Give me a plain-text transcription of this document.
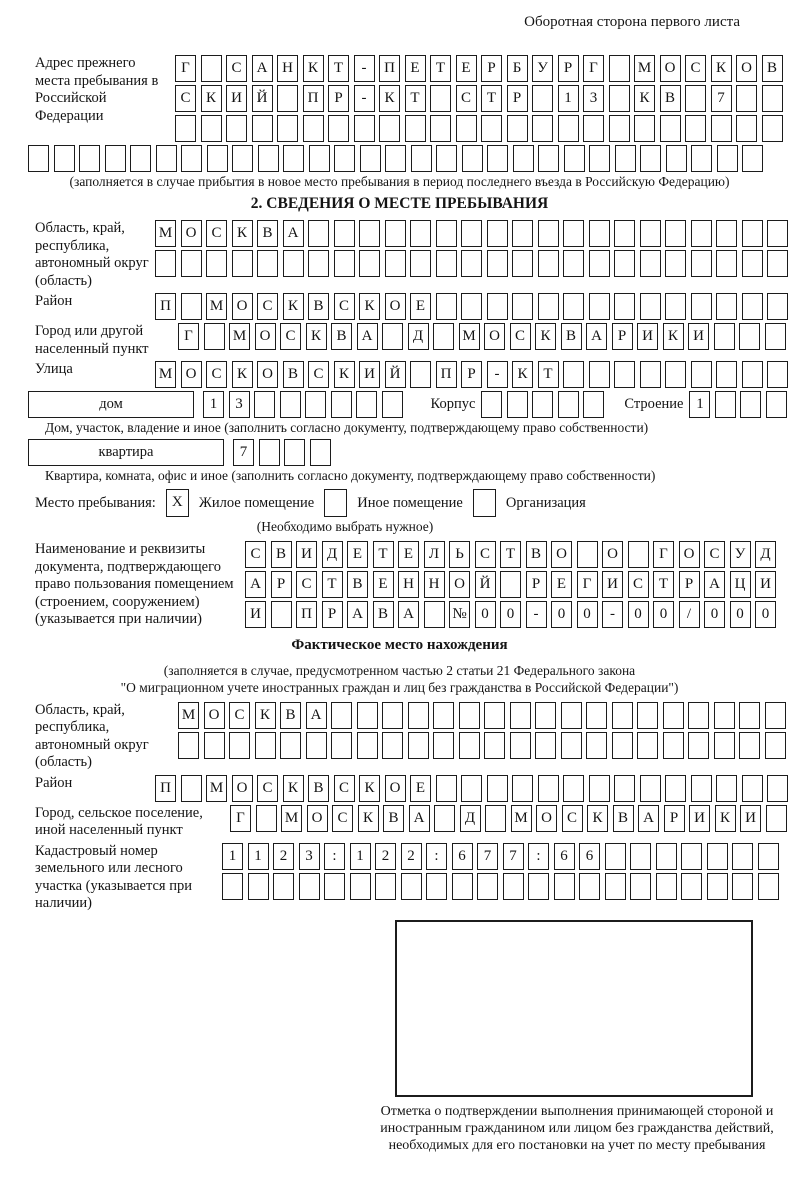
Оборотная сторона первого листа
Адрес прежнего места пребывания в Российской Федерации
Г	С	А Н	К	Т	-	П	Е	Т	Е	Р	Б	У	Р	Г	М О	С	К	О	В
С	К	И Й	П	Р	-	К	Т	С	Т	Р	1	3	К	В	7
(заполняется в случае прибытия в новое место пребывания в период последнего въезда в Российскую Федерацию)
2. СВЕДЕНИЯ О МЕСТЕ ПРЕБЫВАНИЯ
Область, край, республика, автономный округ (область)
М О	С	К	В	А
Район	П	М О	С	К	В	С	К	О	Е
Город или другой населенный пункт
Г	М О	С	К	В	А	Д	М О	С	К	В	А	Р	И	К	И
Улица	М О	С	К	О	В	С	К	И Й	П	Р	-	К	Т
дом	1	3	Корпус	Строение 1
Дом, участок, владение и иное (заполнить согласно документу, подтверждающему право собственности)
квартира	7
Квартира, комната, офис и иное (заполнить согласно документу, подтверждающему право собственности)
Место пребывания:	X	Жилое помещение	Иное помещение	Организация
(Необходимо выбрать нужное)
Наименование и реквизиты документа, подтверждающего право пользования помещением (строением, сооружением) (указывается при наличии)
С	В	И Д	Е	Т	Е	Л	Ь	С	Т	В	О	О	Г	О	С	У	Д
А	Р	С	Т	В	Е	Н Н О Й	Р	Е	Г	И	С	Т	Р	А Ц И
И	П	Р	А	В	А	№ 0	0	-	0	0	-	0	0	/	0	0	0
Фактическое место нахождения
(заполняется в случае, предусмотренном частью 2 статьи 21 Федерального закона
"О миграционном учете иностранных граждан и лиц без гражданства в Российской Федерации")
Область, край, республика, автономный округ (область)
М О	С	К	В	А
Район	П	М О	С	К	В	С	К	О	Е
Город, сельское поселение, иной населенный пункт
Г	М О	С	К	В	А	Д	М О	С	К	В	А	Р	И	К	И
Кадастровый номер земельного или лесного участка (указывается при наличии)
1	1	2	3	:	1	2	2	:	6	7	7	:	6	6
Отметка о подтверждении выполнения принимающей стороной и иностранным гражданином или лицом без гражданства действий, необходимых для его постановки на учет по месту пребывания
